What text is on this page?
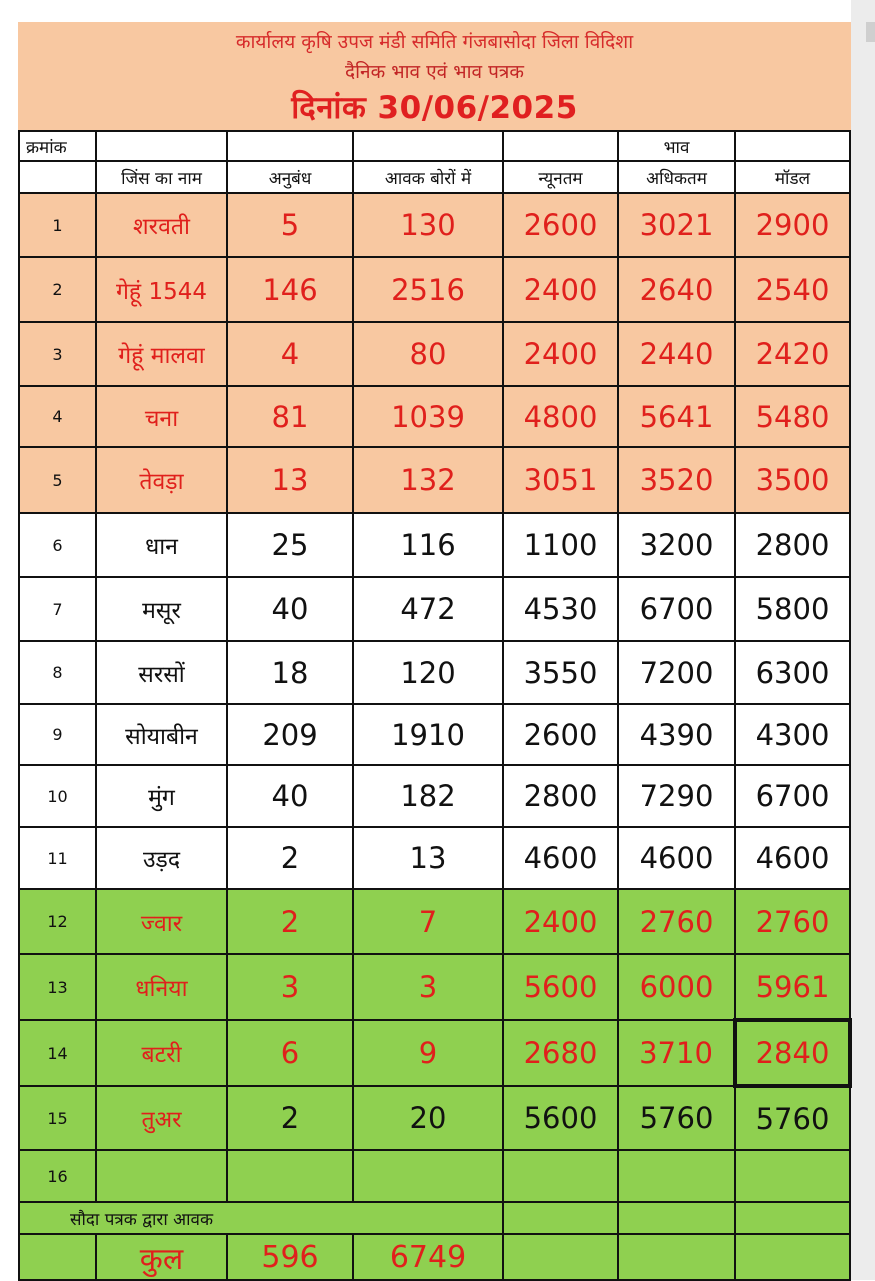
कार्यालय कृषि उपज मंडी समिति गंजबासोदा जिला विदिशा
दैनिक भाव एवं भाव पत्रक
दिनांक 30/06/2025
क्रमांक					भाव	
	जिंस का नाम	अनुबंध	आवक बोरों में	न्यूनतम	अधिकतम	मॉडल
1	शरवती	5	130	2600	3021	2900
2	गेहूं 1544	146	2516	2400	2640	2540
3	गेहूं मालवा	4	80	2400	2440	2420
4	चना	81	1039	4800	5641	5480
5	तेवड़ा	13	132	3051	3520	3500
6	धान	25	116	1100	3200	2800
7	मसूर	40	472	4530	6700	5800
8	सरसों	18	120	3550	7200	6300
9	सोयाबीन	209	1910	2600	4390	4300
10	मुंग	40	182	2800	7290	6700
11	उड़द	2	13	4600	4600	4600
12	ज्वार	2	7	2400	2760	2760
13	धनिया	3	3	5600	6000	5961
14	बटरी	6	9	2680	3710	2840
15	तुअर	2	20	5600	5760	5760
16						
सौदा पत्रक द्वारा आवक						
	कुल	596	6749			
